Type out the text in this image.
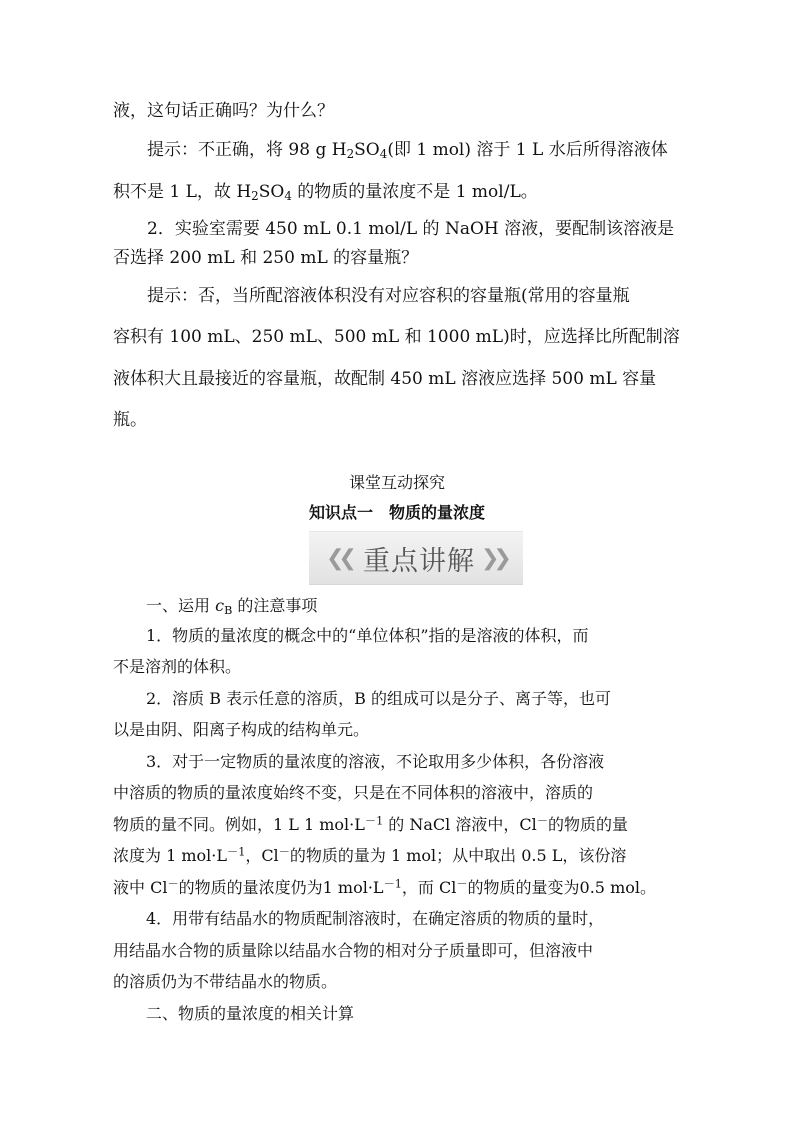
液，这句话正确吗？为什么？

提示：不正确，将 98 g $H_2SO_4$(即 1 mol) 溶于 1 L 水后所得溶液体

积不是 1 L，故 $H_2SO_4$ 的物质的量浓度不是 1 mol/L。

2．实验室需要 450 mL 0.1 mol/L 的 NaOH 溶液，要配制该溶液是

否选择 200 mL 和 250 mL 的容量瓶？

提示：否，当所配溶液体积没有对应容积的容量瓶(常用的容量瓶

容积有 100 mL、250 mL、500 mL 和 1000 mL)时，应选择比所配制溶

液体积大且最接近的容量瓶，故配制 450 mL 溶液应选择 500 mL 容量

瓶。

课堂互动探究

知识点一　物质的量浓度

❮❮ 重点讲解 ❯❯

一、运用 $c_B$ 的注意事项

1．物质的量浓度的概念中的“单位体积”指的是溶液的体积，而

不是溶剂的体积。

2．溶质 B 表示任意的溶质，B 的组成可以是分子、离子等，也可

以是由阴、阳离子构成的结构单元。

3．对于一定物质的量浓度的溶液，不论取用多少体积，各份溶液

中溶质的物质的量浓度始终不变，只是在不同体积的溶液中，溶质的

物质的量不同。例如，1 L 1 $mol\cdot L^{-1}$ 的 NaCl 溶液中，Cl－的物质的量

浓度为 1 $mol\cdot L^{-1}$，Cl－的物质的量为 1 mol；从中取出 0.5 L，该份溶

液中 Cl－的物质的量浓度仍为1 $mol\cdot L^{-1}$，而 Cl－的物质的量变为0.5 mol。

4．用带有结晶水的物质配制溶液时，在确定溶质的物质的量时，

用结晶水合物的质量除以结晶水合物的相对分子质量即可，但溶液中

的溶质仍为不带结晶水的物质。

二、物质的量浓度的相关计算
